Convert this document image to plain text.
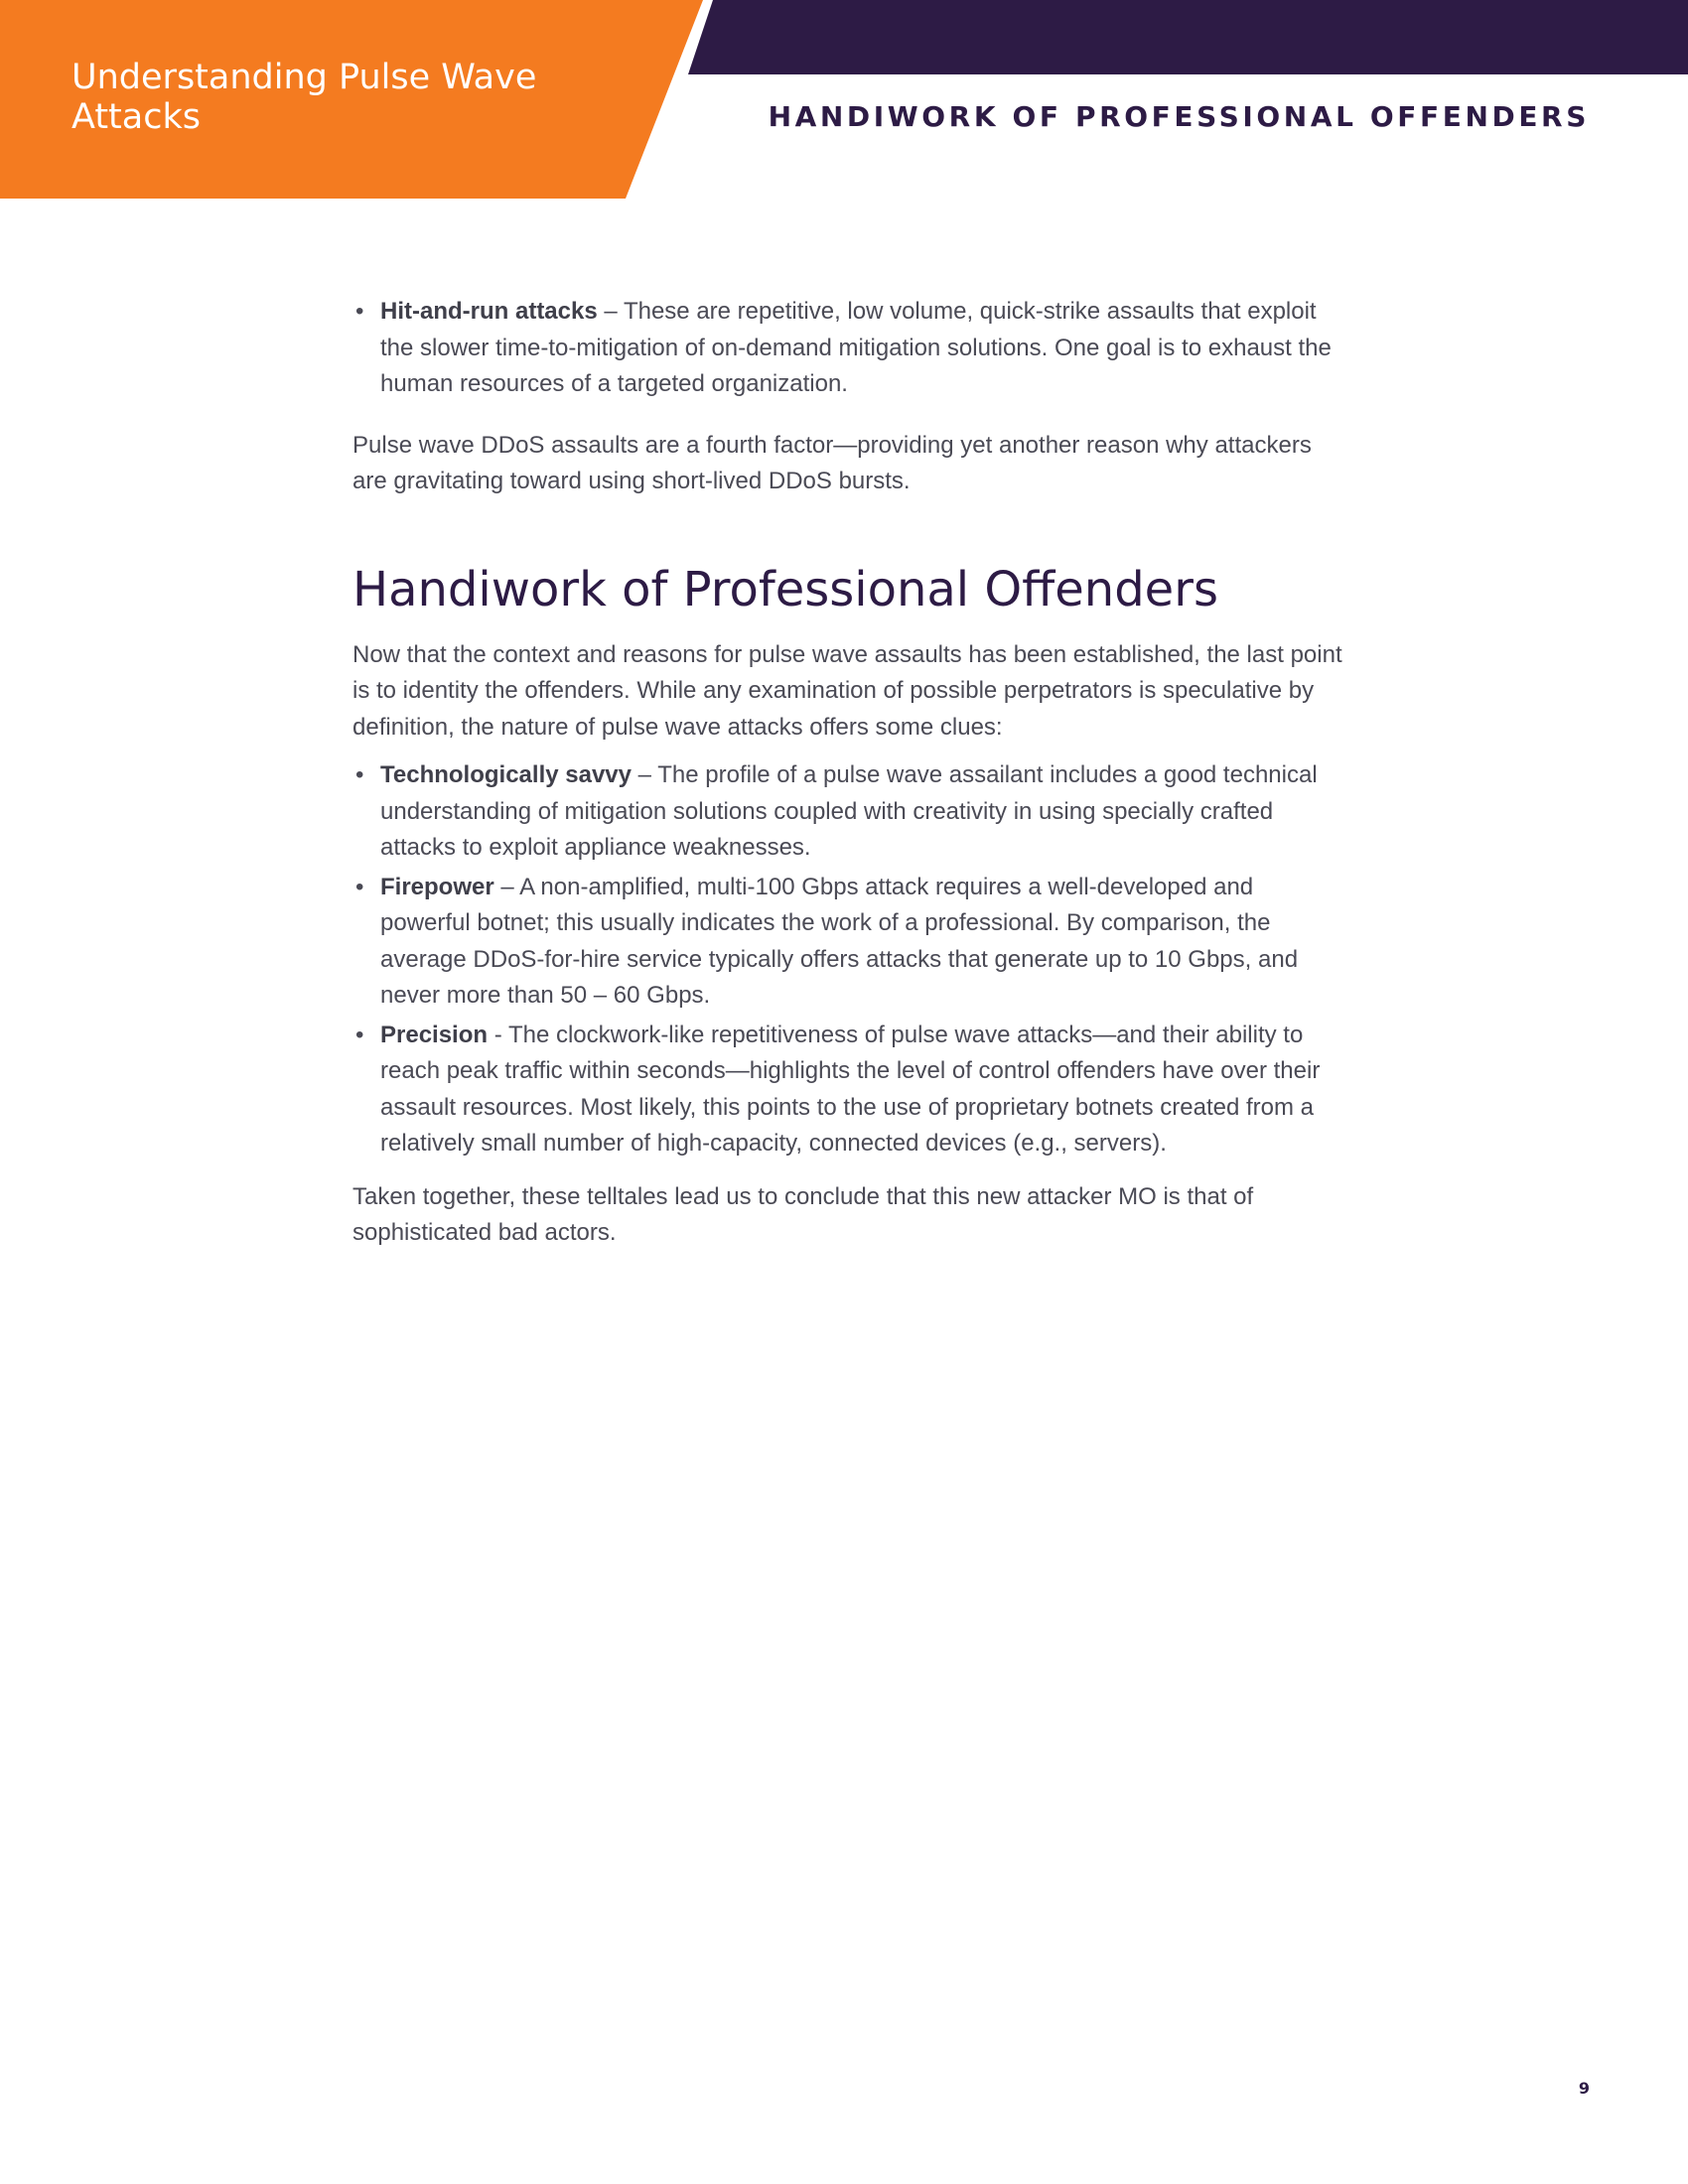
Understanding Pulse Wave Attacks	HANDIWORK OF PROFESSIONAL OFFENDERS
• Hit-and-run attacks – These are repetitive, low volume, quick-strike assaults that exploit the slower time-to-mitigation of on-demand mitigation solutions. One goal is to exhaust the human resources of a targeted organization.

Pulse wave DDoS assaults are a fourth factor—providing yet another reason why attackers are gravitating toward using short-lived DDoS bursts.

Handiwork of Professional Offenders

Now that the context and reasons for pulse wave assaults has been established, the last point is to identity the offenders. While any examination of possible perpetrators is speculative by definition, the nature of pulse wave attacks offers some clues:

• Technologically savvy – The profile of a pulse wave assailant includes a good technical understanding of mitigation solutions coupled with creativity in using specially crafted attacks to exploit appliance weaknesses.
• Firepower – A non-amplified, multi-100 Gbps attack requires a well-developed and powerful botnet; this usually indicates the work of a professional. By comparison, the average DDoS-for-hire service typically offers attacks that generate up to 10 Gbps, and never more than 50 – 60 Gbps.
• Precision - The clockwork-like repetitiveness of pulse wave attacks—and their ability to reach peak traffic within seconds—highlights the level of control offenders have over their assault resources. Most likely, this points to the use of proprietary botnets created from a relatively small number of high-capacity, connected devices (e.g., servers).

Taken together, these telltales lead us to conclude that this new attacker MO is that of sophisticated bad actors.

9
